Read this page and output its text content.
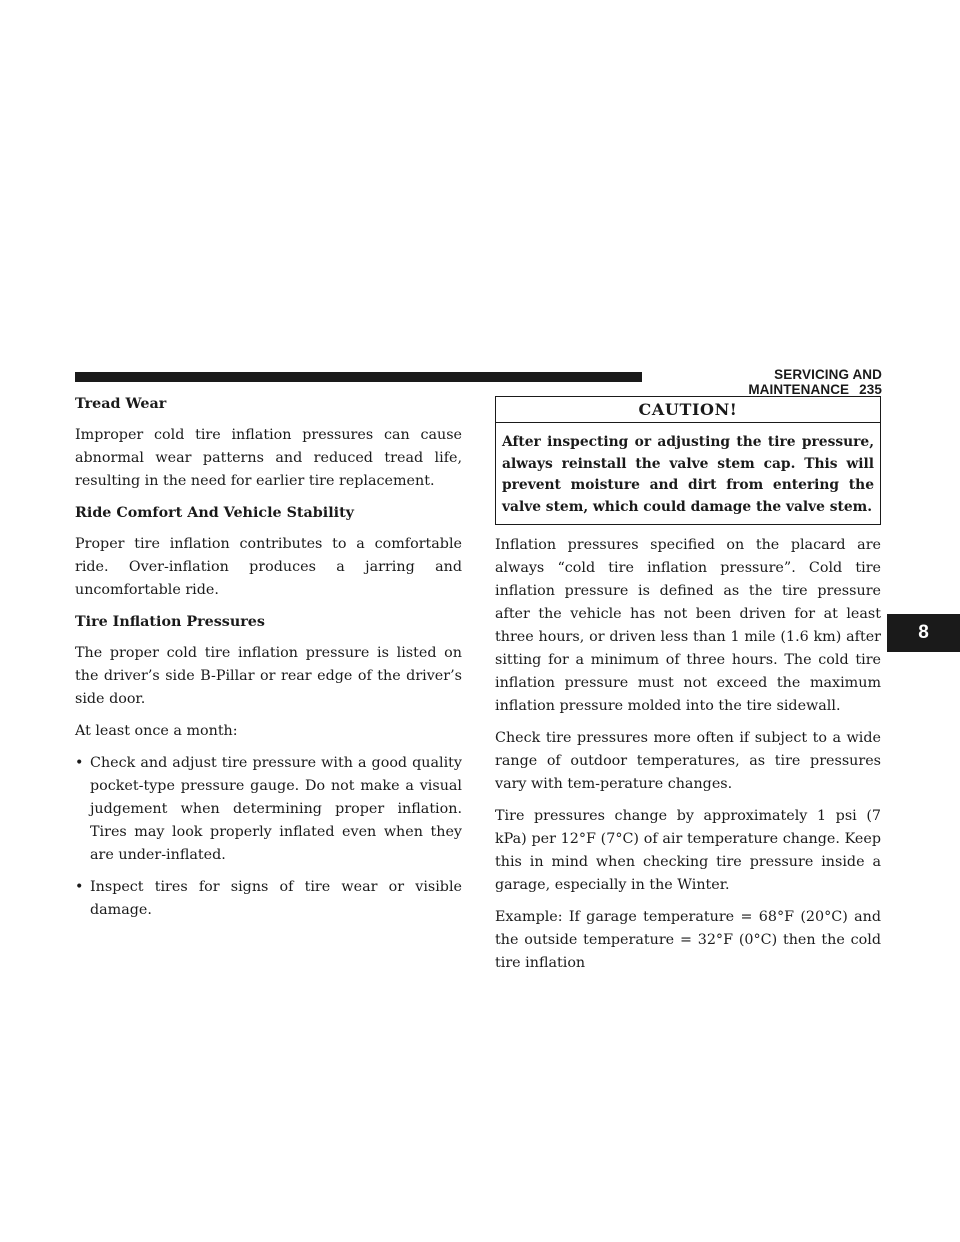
SERVICING AND MAINTENANCE 235
8
Tread Wear

Improper cold tire inflation pressures can cause abnormal wear patterns and reduced tread life, resulting in the need for earlier tire replacement.

Ride Comfort And Vehicle Stability

Proper tire inflation contributes to a comfortable ride. Over-inflation produces a jarring and uncomfortable ride.

Tire Inflation Pressures

The proper cold tire inflation pressure is listed on the driver’s side B-Pillar or rear edge of the driver’s side door.

At least once a month:

• Check and adjust tire pressure with a good quality pocket-type pressure gauge. Do not make a visual judgement when determining proper inflation. Tires may look properly inflated even when they are under-inflated.
• Inspect tires for signs of tire wear or visible damage.
CAUTION!
After inspecting or adjusting the tire pressure, always reinstall the valve stem cap. This will prevent moisture and dirt from entering the valve stem, which could damage the valve stem.

Inflation pressures specified on the placard are always “cold tire inflation pressure”. Cold tire inflation pressure is defined as the tire pressure after the vehicle has not been driven for at least three hours, or driven less than 1 mile (1.6 km) after sitting for a minimum of three hours. The cold tire inflation pressure must not exceed the maximum inflation pressure molded into the tire sidewall.

Check tire pressures more often if subject to a wide range of outdoor temperatures, as tire pressures vary with tem-perature changes.

Tire pressures change by approximately 1 psi (7 kPa) per 12°F (7°C) of air temperature change. Keep this in mind when checking tire pressure inside a garage, especially in the Winter.

Example: If garage temperature = 68°F (20°C) and the outside temperature = 32°F (0°C) then the cold tire inflation
